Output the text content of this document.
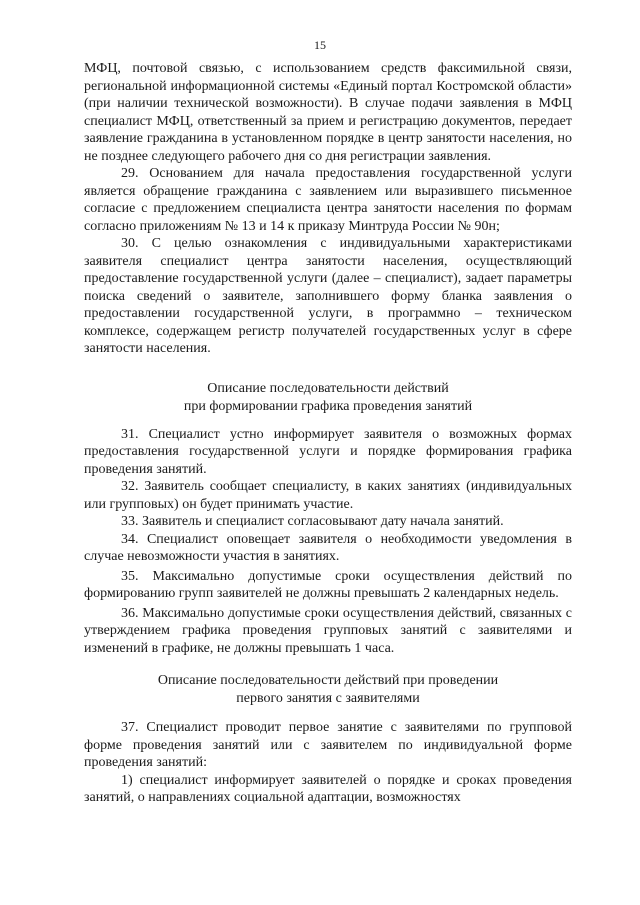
15

МФЦ, почтовой связью, с использованием средств факсимильной связи, региональной информационной системы «Единый портал Костромской области» (при наличии технической возможности). В случае подачи заявления в МФЦ специалист МФЦ, ответственный за прием и регистрацию документов, передает заявление гражданина в установленном порядке в центр занятости населения, но не позднее следующего рабочего дня со дня регистрации заявления.

29. Основанием для начала предоставления государственной услуги является обращение гражданина с заявлением или выразившего письменное согласие с предложением специалиста центра занятости населения по формам согласно приложениям № 13 и 14 к приказу Минтруда России № 90н;

30. С целью ознакомления с индивидуальными характеристиками заявителя специалист центра занятости населения, осуществляющий предоставление государственной услуги (далее – специалист), задает параметры поиска сведений о заявителе, заполнившего форму бланка заявления о предоставлении государственной услуги, в программно – техническом комплексе, содержащем регистр получателей государственных услуг в сфере занятости населения.

Описание последовательности действий

при формировании графика проведения занятий

31. Специалист устно информирует заявителя о возможных формах предоставления государственной услуги и порядке формирования графика проведения занятий.

32. Заявитель сообщает специалисту, в каких занятиях (индивидуальных или групповых) он будет принимать участие.

33. Заявитель и специалист согласовывают дату начала занятий.

34. Специалист оповещает заявителя о необходимости уведомления в случае невозможности участия в занятиях.

35. Максимально допустимые сроки осуществления действий по формированию групп заявителей не должны превышать 2 календарных недель.

36. Максимально допустимые сроки осуществления действий, связанных с утверждением графика проведения групповых занятий с заявителями и изменений в графике, не должны превышать 1 часа.

Описание последовательности действий при проведении

первого занятия с заявителями

37. Специалист проводит первое занятие с заявителями по групповой форме проведения занятий или с заявителем по индивидуальной форме проведения занятий:

1) специалист информирует заявителей о порядке и сроках проведения занятий, о направлениях социальной адаптации, возможностях
